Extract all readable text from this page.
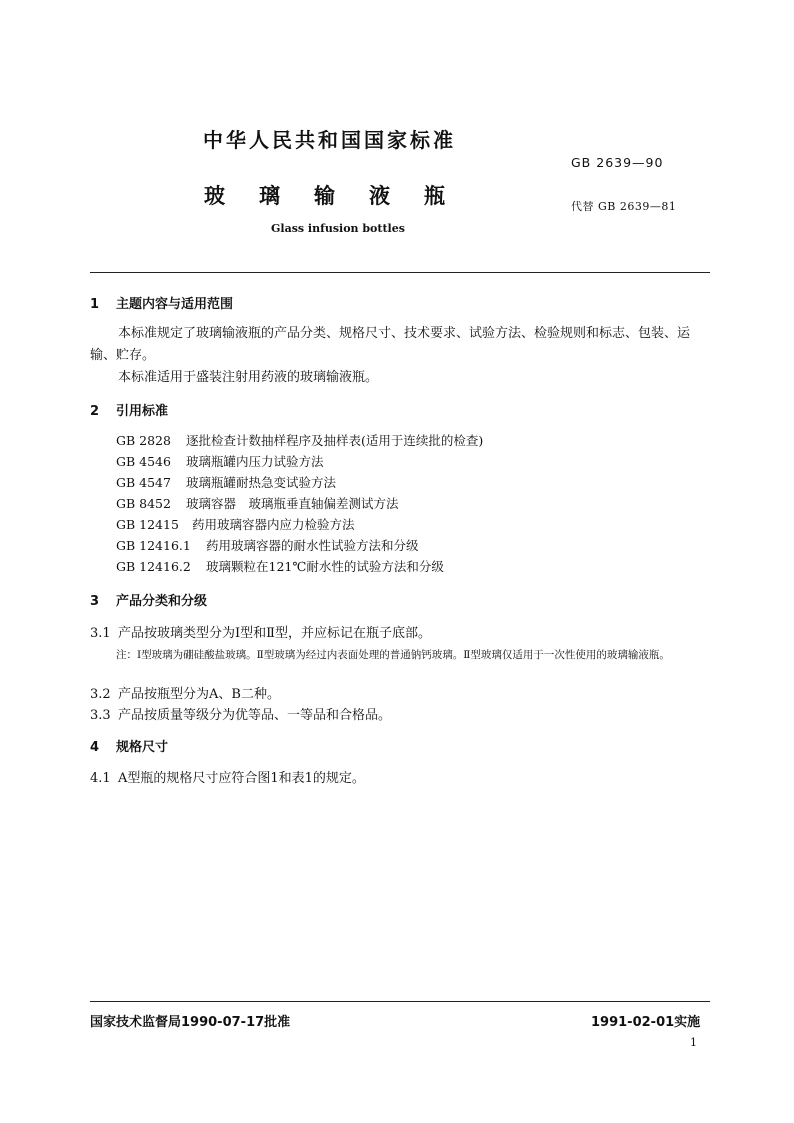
中华人民共和国国家标准
GB 2639—90
玻璃输液瓶	代替 GB 2639—81
Glass infusion bottles
1 主题内容与适用范围
本标准规定了玻璃输液瓶的产品分类、规格尺寸、技术要求、试验方法、检验规则和标志、包装、运输、贮存。
本标准适用于盛装注射用药液的玻璃输液瓶。
2 引用标准
GB 2828 逐批检查计数抽样程序及抽样表(适用于连续批的检查)
GB 4546 玻璃瓶罐内压力试验方法
GB 4547 玻璃瓶罐耐热急变试验方法
GB 8452 玻璃容器　玻璃瓶垂直轴偏差测试方法
GB 12415 药用玻璃容器内应力检验方法
GB 12416.1 药用玻璃容器的耐水性试验方法和分级
GB 12416.2 玻璃颗粒在121℃耐水性的试验方法和分级
3 产品分类和分级
3.1 产品按玻璃类型分为Ⅰ型和Ⅱ型，并应标记在瓶子底部。
注：Ⅰ型玻璃为硼硅酸盐玻璃。Ⅱ型玻璃为经过内表面处理的普通钠钙玻璃。Ⅱ型玻璃仅适用于一次性使用的玻璃输液瓶。
3.2 产品按瓶型分为A、B二种。
3.3 产品按质量等级分为优等品、一等品和合格品。
4 规格尺寸
4.1 A型瓶的规格尺寸应符合图1和表1的规定。
国家技术监督局1990-07-17批准	1991-02-01实施
1
